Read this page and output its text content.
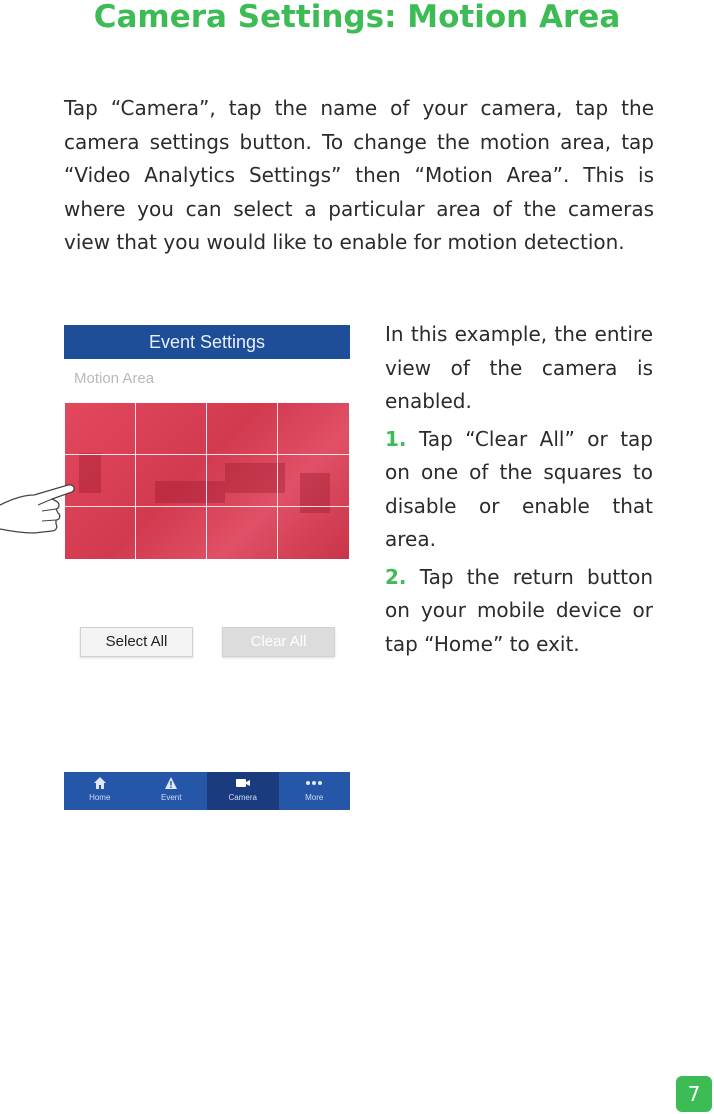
Camera Settings: Motion Area
Tap “Camera”, tap the name of your camera, tap the camera settings button. To change the motion area, tap “Video Analytics Settings” then “Motion Area”. This is where you can select a particular area of the cameras view that you would like to enable for motion detection.
Event Settings
Motion Area
Select All	Clear All
Home	Event	Camera	More

In this example, the entire view of the camera is enabled.

1. Tap “Clear All” or tap on one of the squares to disable or enable that area.

2. Tap the return button on your mobile device or tap “Home” to exit.

7
